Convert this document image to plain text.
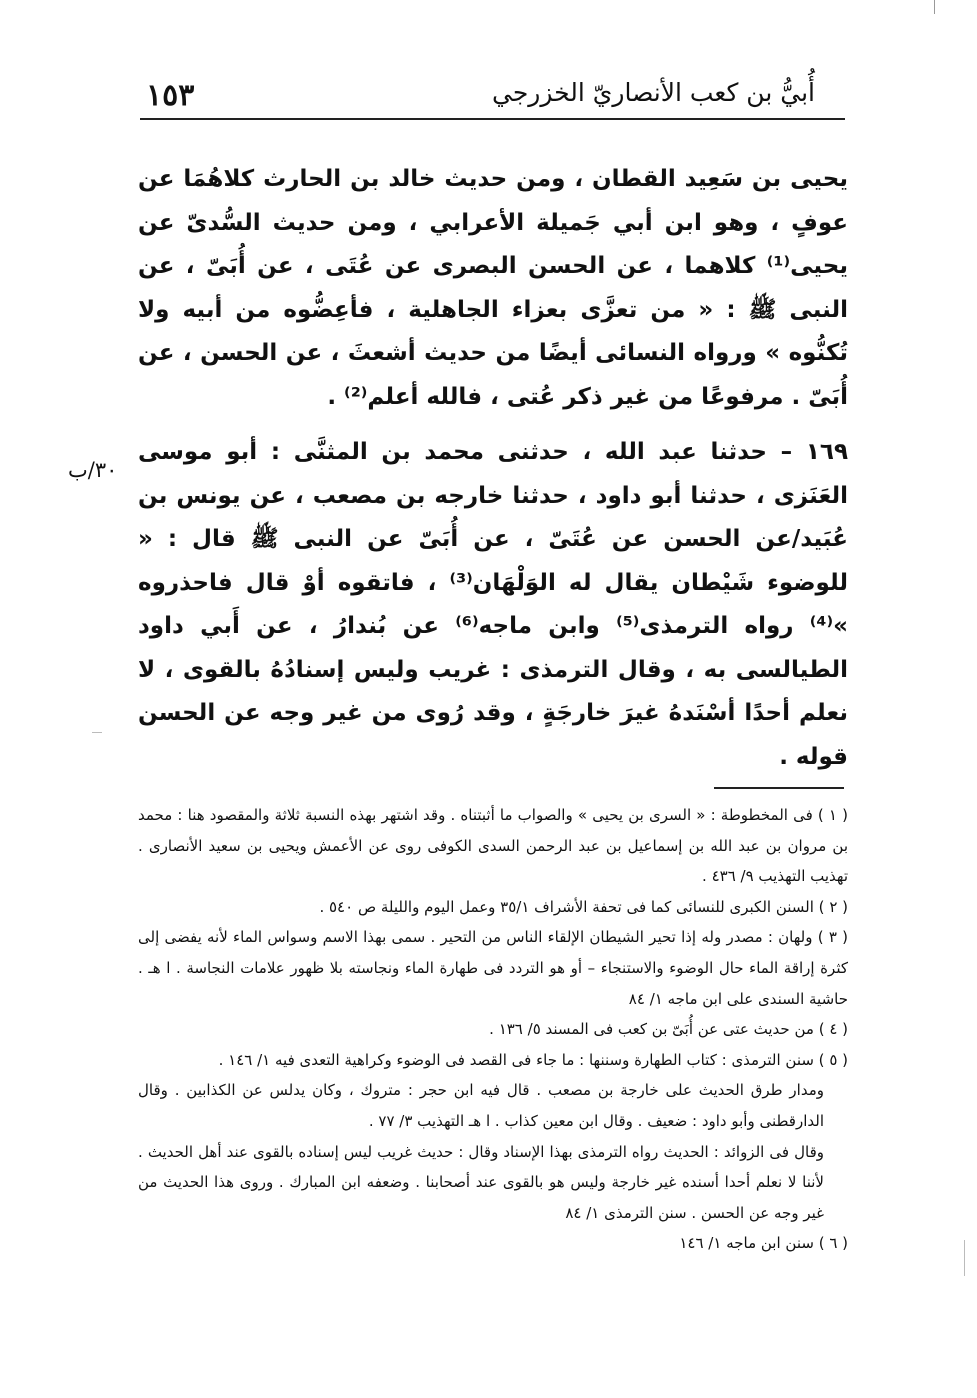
١٥٣	أُبيُّ بن كعب الأنصاريّ الخزرجي

يحيى بن سَعِيد القطان ، ومن حديث خالد بن الحارث كلاهُمَا عن عوفٍ ، وهو ابن أبي جَميلة الأعرابي ، ومن حديث السُّدىّ عن يحيى⁽¹⁾ كلاهما ، عن الحسن البصرى عن عُتَى ، عن أُبَىّ ، عن النبى ﷺ : « من تعزَّى بعزاء الجاهلية ، فأعِضُّوه من أبيه ولا تُكنُّوه » ورواه النسائى أيضًا من حديث أشعثَ ، عن الحسن ، عن أُبَىّ . مرفوعًا من غير ذكر عُتى ، فالله أعلم⁽²⁾ .

١٦٩ – حدثنا عبد الله ، حدثنى محمد بن المثنَّى : أبو موسى العَنَزى ، حدثنا أبو داود ، حدثنا خارجه بن مصعب ، عن يونس بن عُبَيد/عن الحسن عن عُتَىّ ، عن أُبَىّ عن النبى ﷺ قال : « للوضوء شَيْطان يقال له الوَلْهَان⁽³⁾ ، فاتقوه أوْ قال فاحذروه »⁽⁴⁾ رواه الترمذى⁽⁵⁾ وابن ماجه⁽⁶⁾ عن بُندارُ ، عن أَبي داود الطيالسى به ، وقال الترمذى : غريب وليس إسنادُهُ بالقوى ، لا نعلم أحدًا أسْنَدهُ غيرَ خارجَةٍ ، وقد رُوى من غير وجه عن الحسن قوله .

٣٠/ب

( ١ ) فى المخطوطة : « السرى بن يحيى » والصواب ما أثبتناه . وقد اشتهر بهذه النسبة ثلاثة والمقصود هنا : محمد بن مروان بن عبد الله بن إسماعيل بن عبد الرحمن السدى الكوفى روى عن الأعمش ويحيى بن سعيد الأنصارى . تهذيب التهذيب ٩/ ٤٣٦ .

( ٢ ) السنن الكبرى للنسائى كما فى تحفة الأشراف ٣٥/١ وعمل اليوم والليلة ص ٥٤٠ .

( ٣ ) ولهان : مصدر وله إذا تحير الشيطان الإلقاء الناس من التحير . سمى بهذا الاسم وسواس الماء لأنه يفضى إلى كثرة إراقة الماء حال الوضوء والاستنجاء – أو هو التردد فى طهارة الماء ونجاسته بلا ظهور علامات النجاسة . ا هـ . حاشية السندى على ابن ماجه ١/ ٨٤

( ٤ ) من حديث عتى عن أُبَىّ بن كعب فى المسند ٥/ ١٣٦ .

( ٥ ) سنن الترمذى : كتاب الطهارة وسننها : ما جاء فى القصد فى الوضوء وكراهية التعدى فيه ١/ ١٤٦ .

ومدار طرق الحديث على خارجة بن مصعب . قال فيه ابن حجر : متروك ، وكان يدلس عن الكذابين . وقال الدارقطنى وأبو داود : ضعيف . وقال ابن معين كذاب . ا هـ التهذيب ٣/ ٧٧ .

وقال فى الزوائد : الحديث رواه الترمذى بهذا الإسناد وقال : حديث غريب ليس إسناده بالقوى عند أهل الحديث . لأننا لا نعلم أحدا أسنده غير خارجة وليس هو بالقوى عند أصحابنا . وضعفه ابن المبارك . وروى هذا الحديث من غير وجه عن الحسن . سنن الترمذى ١/ ٨٤

( ٦ ) سنن ابن ماجه ١/ ١٤٦
